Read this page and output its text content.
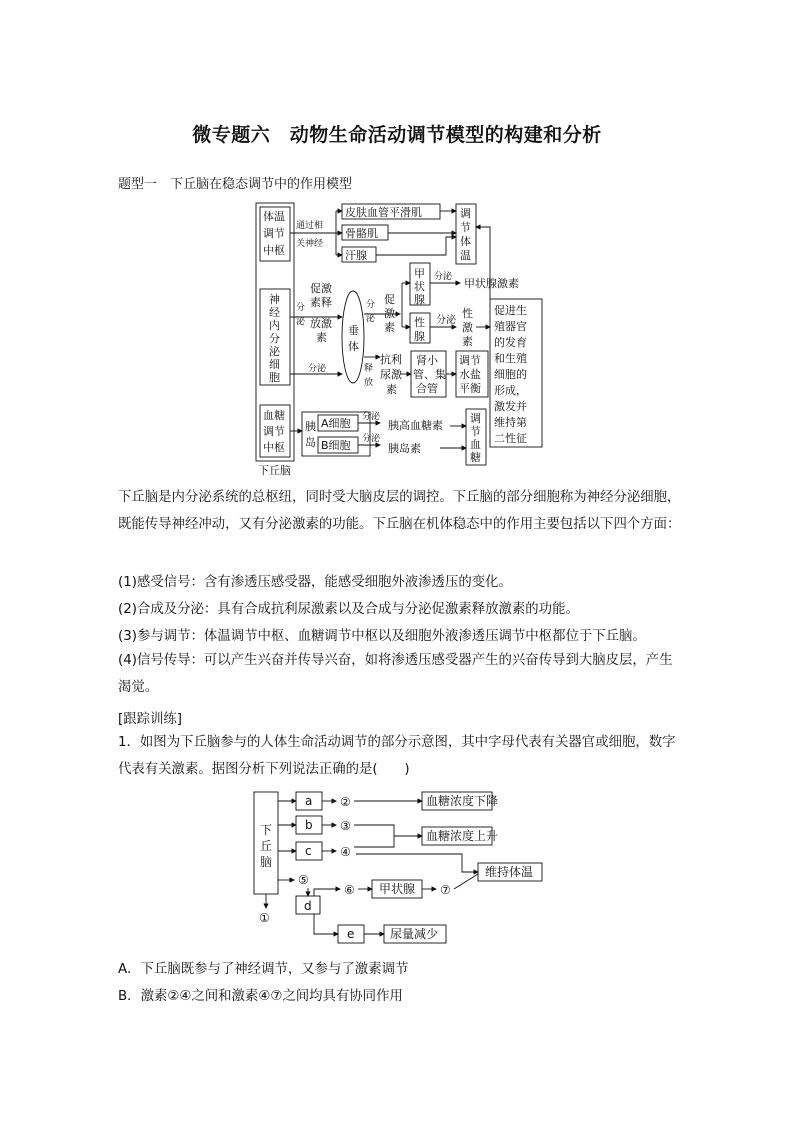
微专题六　动物生命活动调节模型的构建和分析
题型一　下丘脑在稳态调节中的作用模型
体温
调节
中枢
通过相
关神经
皮肤血管平滑肌
骨骼肌
汗腺
调
节
体
温
神
经
内
分
泌
细
胞
分
泌
促激
素释
放激
素
垂
体
分
泌
促
激
素
甲
状
腺
分泌 甲状腺激素
性
腺
分泌
性
激
素
促进生
殖器官
的发育
和生殖
细胞的
形成，
激发并
维持第
二性征
分泌	释
放
抗利
尿激
素
肾小
管、集
合管
调节
水盐
平衡
血糖
调节
中枢
胰
岛
A细胞
B细胞
分泌
分泌
胰高血糖素
胰岛素
调
节
血
糖
下丘脑
下丘脑是内分泌系统的总枢纽，同时受大脑皮层的调控。下丘脑的部分细胞称为神经分泌细胞，既能传导神经冲动，又有分泌激素的功能。下丘脑在机体稳态中的作用主要包括以下四个方面：
(1)感受信号：含有渗透压感受器，能感受细胞外液渗透压的变化。
(2)合成及分泌：具有合成抗利尿激素以及合成与分泌促激素释放激素的功能。
(3)参与调节：体温调节中枢、血糖调节中枢以及细胞外液渗透压调节中枢都位于下丘脑。
(4)信号传导：可以产生兴奋并传导兴奋，如将渗透压感受器产生的兴奋传导到大脑皮层，产生渴觉。
[跟踪训练]
1．如图为下丘脑参与的人体生命活动调节的部分示意图，其中字母代表有关器官或细胞，数字代表有关激素。据图分析下列说法正确的是(　　)
下
丘
脑
a
b
c
d
e
②
③
④
⑤
⑥	⑦
①
血糖浓度下降
血糖浓度上升
维持体温
甲状腺
尿量减少
A．下丘脑既参与了神经调节，又参与了激素调节
B．激素②④之间和激素④⑦之间均具有协同作用
